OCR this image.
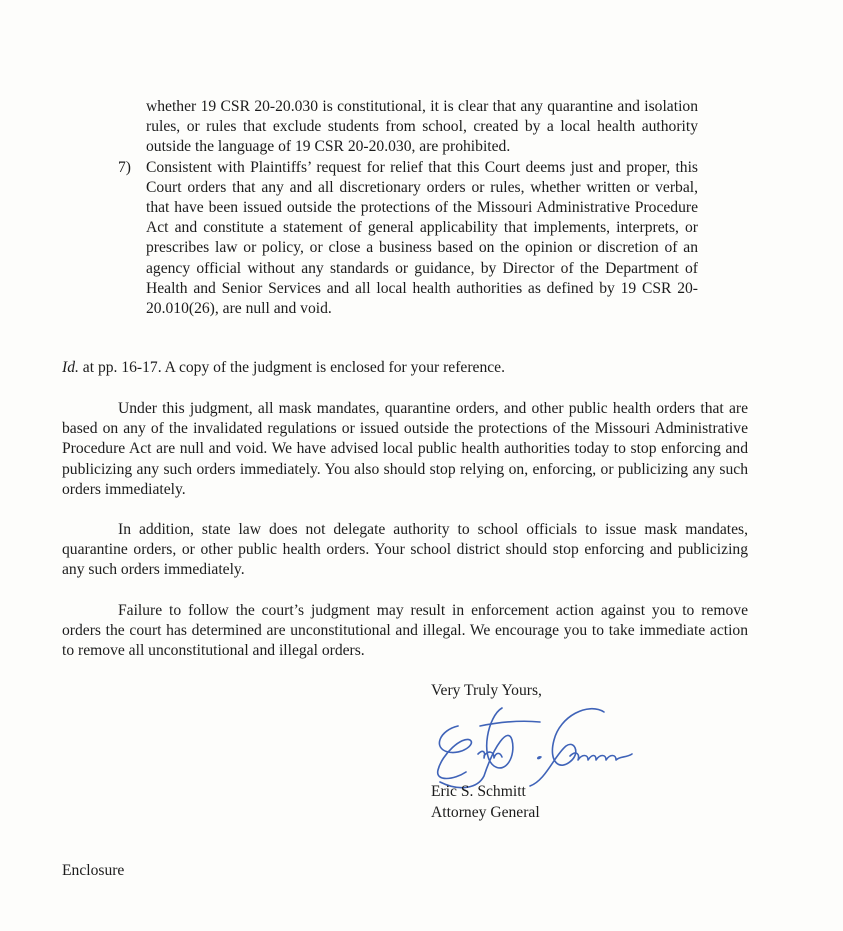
whether 19 CSR 20-20.030 is constitutional, it is clear that any quarantine and isolation rules, or rules that exclude students from school, created by a local health authority outside the language of 19 CSR 20-20.030, are prohibited.

7) Consistent with Plaintiffs’ request for relief that this Court deems just and proper, this Court orders that any and all discretionary orders or rules, whether written or verbal, that have been issued outside the protections of the Missouri Administrative Procedure Act and constitute a statement of general applicability that implements, interprets, or prescribes law or policy, or close a business based on the opinion or discretion of an agency official without any standards or guidance, by Director of the Department of Health and Senior Services and all local health authorities as defined by 19 CSR 20-20.010(26), are null and void.

Id. at pp. 16-17. A copy of the judgment is enclosed for your reference.

Under this judgment, all mask mandates, quarantine orders, and other public health orders that are based on any of the invalidated regulations or issued outside the protections of the Missouri Administrative Procedure Act are null and void. We have advised local public health authorities today to stop enforcing and publicizing any such orders immediately. You also should stop relying on, enforcing, or publicizing any such orders immediately.

In addition, state law does not delegate authority to school officials to issue mask mandates, quarantine orders, or other public health orders. Your school district should stop enforcing and publicizing any such orders immediately.

Failure to follow the court’s judgment may result in enforcement action against you to remove orders the court has determined are unconstitutional and illegal. We encourage you to take immediate action to remove all unconstitutional and illegal orders.

Very Truly Yours,

Eric S. Schmitt

Attorney General

Enclosure
